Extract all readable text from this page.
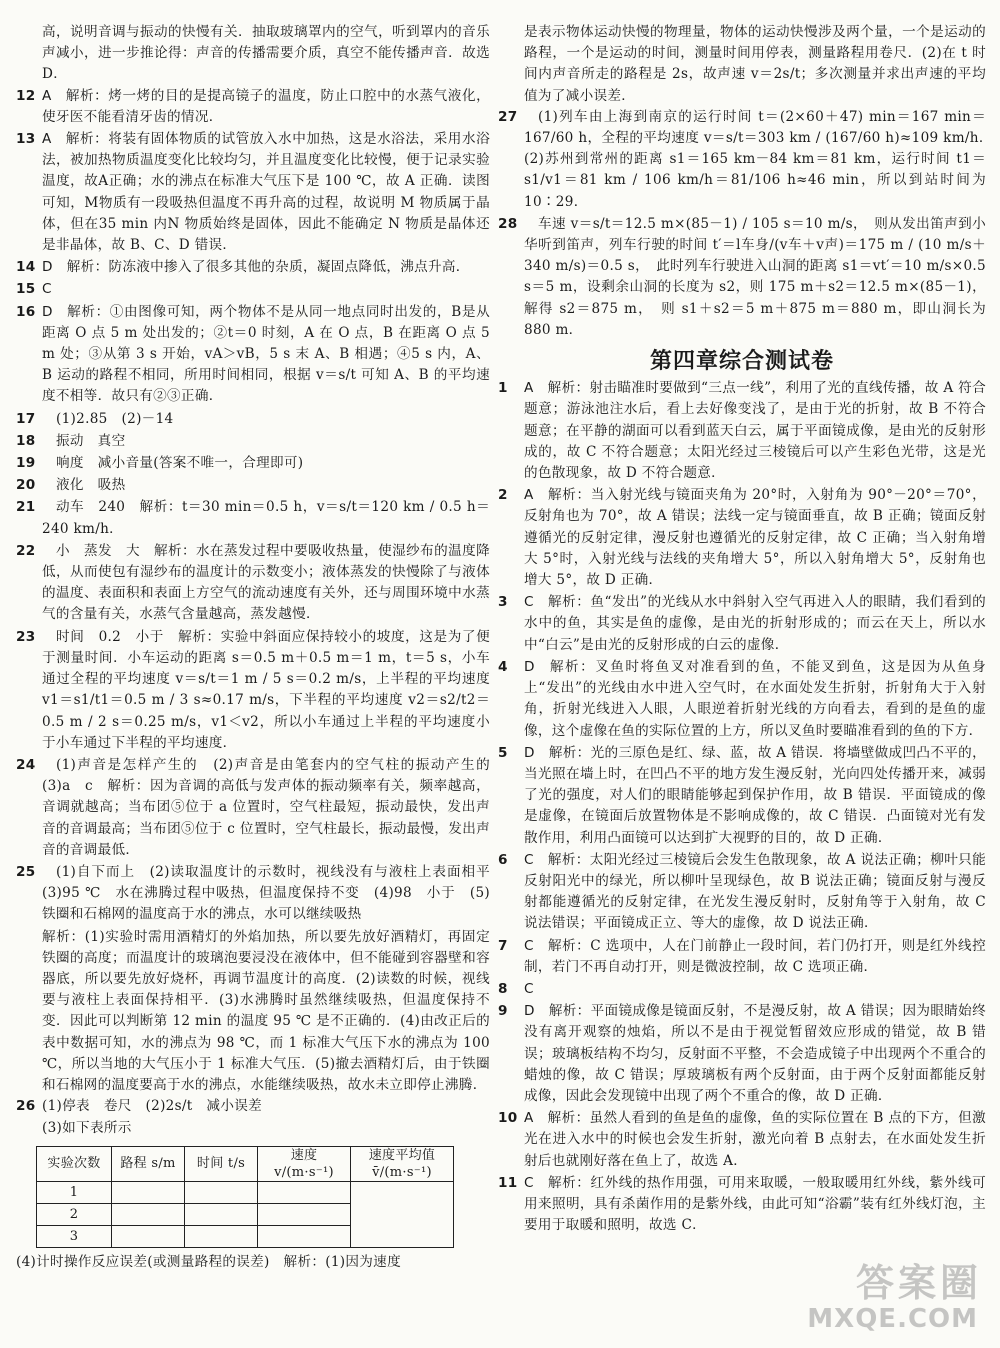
高，说明音调与振动的快慢有关．抽取玻璃罩内的空气，听到罩内的音乐声减小，进一步推论得：声音的传播需要介质，真空不能传播声音．故选 D．
12 A 解析：烤一烤的目的是提高镜子的温度，防止口腔中的水蒸气液化，使牙医不能看清牙齿的情况．
13 A 解析：将装有固体物质的试管放入水中加热，这是水浴法，采用水浴法，被加热物质温度变化比较均匀，并且温度变化比较慢，便于记录实验温度，故A正确；水的沸点在标准大气压下是 100 ℃，故 A 正确．读图可知，M物质有一段吸热但温度不再升高的过程，故说明 M 物质属于晶体，但在35 min 内N 物质始终是固体，因此不能确定 N 物质是晶体还是非晶体，故 B、C、D 错误．
14 D 解析：防冻液中掺入了很多其他的杂质，凝固点降低，沸点升高．
15 C
16 D 解析：①由图像可知，两个物体不是从同一地点同时出发的，B是从距离 O 点 5 m 处出发的；②t＝0 时刻，A 在 O 点，B 在距离 O 点 5 m 处；③从第 3 s 开始，vA＞vB，5 s 末 A、B 相遇；④5 s 内，A、B 运动的路程不相同，所用时间相同，根据 v＝s/t 可知 A、B 的平均速度不相等．故只有②③正确．
17	(1)2.85　(2)－14
18	振动　真空
19	响度　减小音量(答案不唯一，合理即可)
20	液化　吸热
21	动车　240　解析：t＝30 min＝0.5 h，v＝s/t＝120 km / 0.5 h＝240 km/h．
22	小　蒸发　大　解析：水在蒸发过程中要吸收热量，使湿纱布的温度降低，从而使包有湿纱布的温度计的示数变小；液体蒸发的快慢除了与液体的温度、表面积和表面上方空气的流动速度有关外，还与周围环境中水蒸气的含量有关，水蒸气含量越高，蒸发越慢．
23	时间　0.2　小于　解析：实验中斜面应保持较小的坡度，这是为了便于测量时间．小车运动的距离 s＝0.5 m＋0.5 m＝1 m，t＝5 s，小车通过全程的平均速度 v＝s/t＝1 m / 5 s＝0.2 m/s，上半程的平均速度 v1＝s1/t1＝0.5 m / 3 s≈0.17 m/s，下半程的平均速度 v2＝s2/t2＝0.5 m / 2 s＝0.25 m/s，v1＜v2，所以小车通过上半程的平均速度小于小车通过下半程的平均速度．
24	(1)声音是怎样产生的　(2)声音是由笔套内的空气柱的振动产生的　(3)a　c　解析：因为音调的高低与发声体的振动频率有关，频率越高，音调就越高；当布团⑤位于 a 位置时，空气柱最短，振动最快，发出声音的音调最高；当布团⑤位于 c 位置时，空气柱最长，振动最慢，发出声音的音调最低．
25	(1)自下而上　(2)读取温度计的示数时，视线没有与液柱上表面相平　(3)95 ℃　水在沸腾过程中吸热，但温度保持不变　(4)98　小于　(5)铁圈和石棉网的温度高于水的沸点，水可以继续吸热
解析：(1)实验时需用酒精灯的外焰加热，所以要先放好酒精灯，再固定铁圈的高度；而温度计的玻璃泡要浸没在液体中，但不能碰到容器壁和容器底，所以要先放好烧杯，再调节温度计的高度．(2)读数的时候，视线要与液柱上表面保持相平．(3)水沸腾时虽然继续吸热，但温度保持不变．因此可以判断第 12 min 的温度 95 ℃ 是不正确的．(4)由改正后的表中数据可知，水的沸点为 98 ℃，而 1 标准大气压下水的沸点为 100 ℃，所以当地的大气压小于 1 标准大气压．(5)撤去酒精灯后，由于铁圈和石棉网的温度要高于水的沸点，水能继续吸热，故水未立即停止沸腾．
26 (1)停表　卷尺　(2)2s/t　减小误差
(3)如下表所示
实验次数	路程 s/m	时间 t/s	速度 v/(m·s⁻¹)	速度平均值 v̄/(m·s⁻¹)
1				
2				
3				
(4)计时操作反应误差(或测量路程的误差)　解析：(1)因为速度
是表示物体运动快慢的物理量，物体的运动快慢涉及两个量，一个是运动的路程，一个是运动的时间，测量时间用停表，测量路程用卷尺．(2)在 t 时间内声音所走的路程是 2s，故声速 v＝2s/t；多次测量并求出声速的平均值为了减小误差．
27	(1)列车由上海到南京的运行时间 t＝(2×60＋47) min＝167 min＝167/60 h，全程的平均速度 v＝s/t＝303 km / (167/60 h)≈109 km/h．　(2)苏州到常州的距离 s1＝165 km－84 km＝81 km，运行时间 t1＝s1/v1＝81 km / 106 km/h＝81/106 h≈46 min，所以到站时间为 10∶29．
28	车速 v＝s/t＝12.5 m×(85－1) / 105 s＝10 m/s，　则从发出笛声到小华听到笛声，列车行驶的时间 t′＝l车身/(v车＋v声)＝175 m / (10 m/s＋340 m/s)＝0.5 s，　此时列车行驶进入山洞的距离 s1＝vt′＝10 m/s×0.5 s＝5 m，设剩余山洞的长度为 s2，则 175 m＋s2＝12.5 m×(85－1)，解得 s2＝875 m，　则 s1＋s2＝5 m＋875 m＝880 m，即山洞长为 880 m．
第四章综合测试卷
1	A 解析：射击瞄准时要做到“三点一线”，利用了光的直线传播，故 A 符合题意；游泳池注水后，看上去好像变浅了，是由于光的折射，故 B 不符合题意；在平静的湖面可以看到蓝天白云，属于平面镜成像，是由光的反射形成的，故 C 不符合题意；太阳光经过三棱镜后可以产生彩色光带，这是光的色散现象，故 D 不符合题意．
2	A 解析：当入射光线与镜面夹角为 20°时，入射角为 90°－20°＝70°，反射角也为 70°，故 A 错误；法线一定与镜面垂直，故 B 正确；镜面反射遵循光的反射定律，漫反射也遵循光的反射定律，故 C 正确；当入射角增大 5°时，入射光线与法线的夹角增大 5°，所以入射角增大 5°，反射角也增大 5°，故 D 正确．
3	C 解析：鱼“发出”的光线从水中斜射入空气再进入人的眼睛，我们看到的水中的鱼，其实是鱼的虚像，是由光的折射形成的；而云在天上，所以水中“白云”是由光的反射形成的白云的虚像．
4	D 解析：叉鱼时将鱼叉对准看到的鱼，不能叉到鱼，这是因为从鱼身上“发出”的光线由水中进入空气时，在水面处发生折射，折射角大于入射角，折射光线进入人眼，人眼逆着折射光线的方向看去，看到的是鱼的虚像，这个虚像在鱼的实际位置的上方，所以叉鱼时要瞄准看到的鱼的下方．
5	D 解析：光的三原色是红、绿、蓝，故 A 错误．将墙壁做成凹凸不平的，当光照在墙上时，在凹凸不平的地方发生漫反射，光向四处传播开来，减弱了光的强度，对人们的眼睛能够起到保护作用，故 B 错误．平面镜成的像是虚像，在镜面后放置物体是不影响成像的，故 C 错误．凸面镜对光有发散作用，利用凸面镜可以达到扩大视野的目的，故 D 正确．
6	C 解析：太阳光经过三棱镜后会发生色散现象，故 A 说法正确；柳叶只能反射阳光中的绿光，所以柳叶呈现绿色，故 B 说法正确；镜面反射与漫反射都能遵循光的反射定律，在光发生漫反射时，反射角等于入射角，故 C 说法错误；平面镜成正立、等大的虚像，故 D 说法正确．
7	C 解析：C 选项中，人在门前静止一段时间，若门仍打开，则是红外线控制，若门不再自动打开，则是微波控制，故 C 选项正确．
8	C
9	D 解析：平面镜成像是镜面反射，不是漫反射，故 A 错误；因为眼睛始终没有离开观察的烛焰，所以不是由于视觉暂留效应形成的错觉，故 B 错误；玻璃板结构不均匀，反射面不平整，不会造成镜子中出现两个不重合的蜡烛的像，故 C 错误；厚玻璃板有两个反射面，由于两个反射面都能反射成像，因此会发现镜中出现了两个不重合的像，故 D 正确．
10 A 解析：虽然人看到的鱼是鱼的虚像，鱼的实际位置在 B 点的下方，但激光在进入水中的时候也会发生折射，激光向着 B 点射去，在水面处发生折射后也就刚好落在鱼上了，故选 A．
11 C 解析：红外线的热作用强，可用来取暖，一般取暖用红外线，紫外线可用来照明，具有杀菌作用的是紫外线，由此可知“浴霸”装有红外线灯泡，主要用于取暖和照明，故选 C．
答案圈
MXQE.COM
